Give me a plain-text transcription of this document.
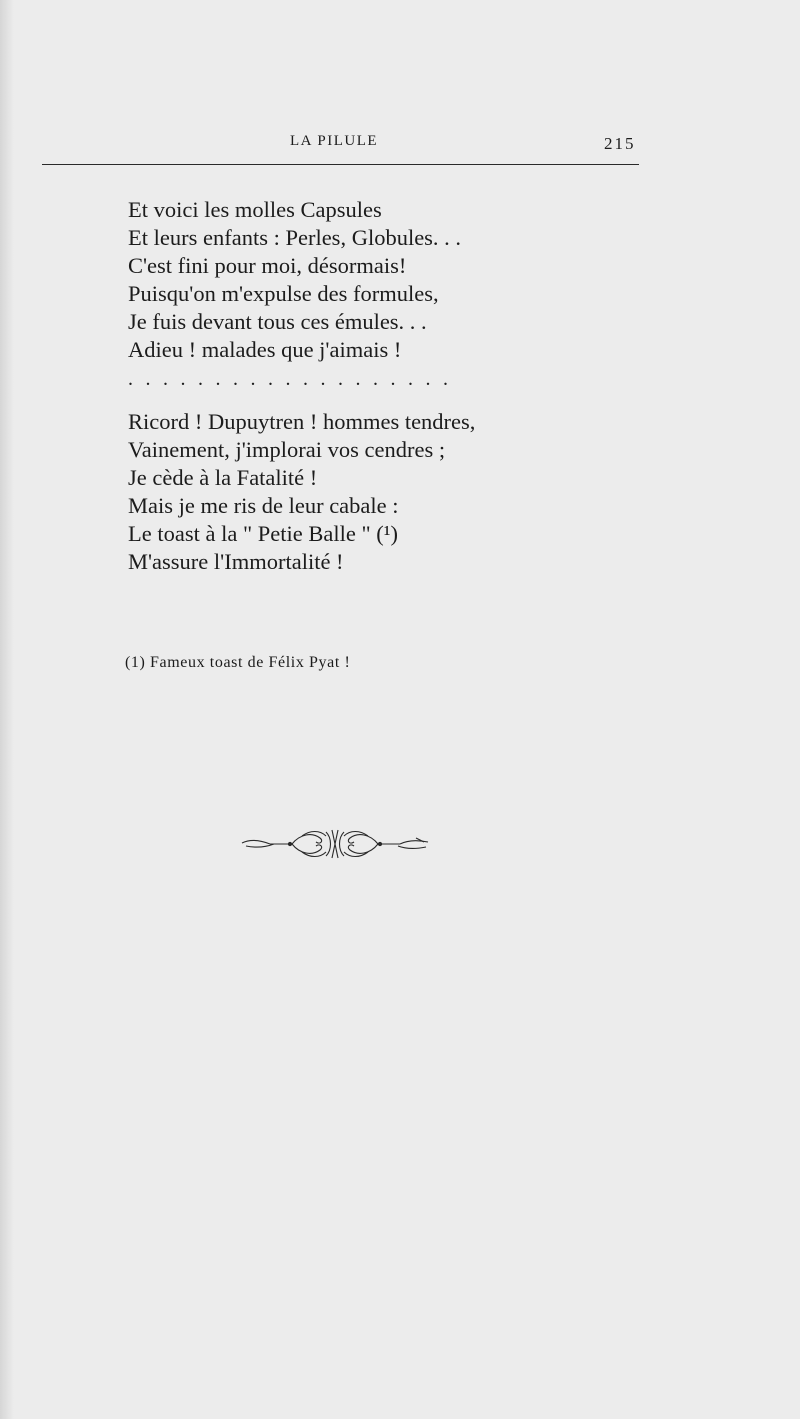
LA PILULE	215
Et voici les molles Capsules
Et leurs enfants : Perles, Globules. . .
C'est fini pour moi, désormais!
Puisqu'on m'expulse des formules,
Je fuis devant tous ces émules. . .
Adieu ! malades que j'aimais !
...................
Ricord ! Dupuytren ! hommes tendres,
Vainement, j'implorai vos cendres ;
Je cède à la Fatalité !
Mais je me ris de leur cabale :
Le toast à la " Petie Balle " (¹)
M'assure l'Immortalité !
(1) Fameux toast de Félix Pyat !
